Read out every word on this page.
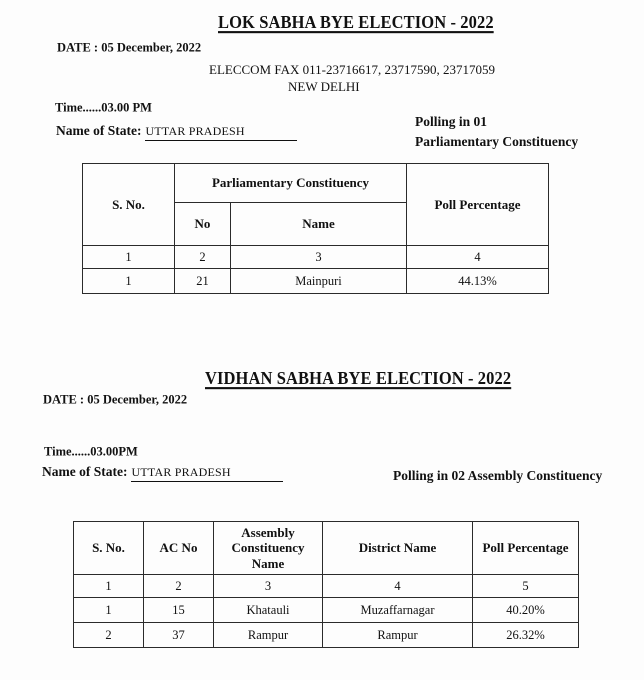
LOK SABHA BYE ELECTION - 2022
DATE : 05 December, 2022
ELECCOM FAX 011-23716617, 23717590, 23717059
NEW DELHI
Time......03.00 PM
Name of State: UTTAR PRADESH
Polling in 01
Parliamentary Constituency
S. No.	Parliamentary Constituency		Poll Percentage
	No	Name	
1	2	3	4
1	21	Mainpuri	44.13%
VIDHAN SABHA BYE ELECTION - 2022
DATE : 05 December, 2022
Time......03.00PM
Name of State: UTTAR PRADESH	Polling in 02 Assembly Constituency
S. No.	AC No	Assembly Constituency Name	District Name	Poll Percentage
1	2	3	4	5
1	15	Khatauli	Muzaffarnagar	40.20%
2	37	Rampur	Rampur	26.32%
